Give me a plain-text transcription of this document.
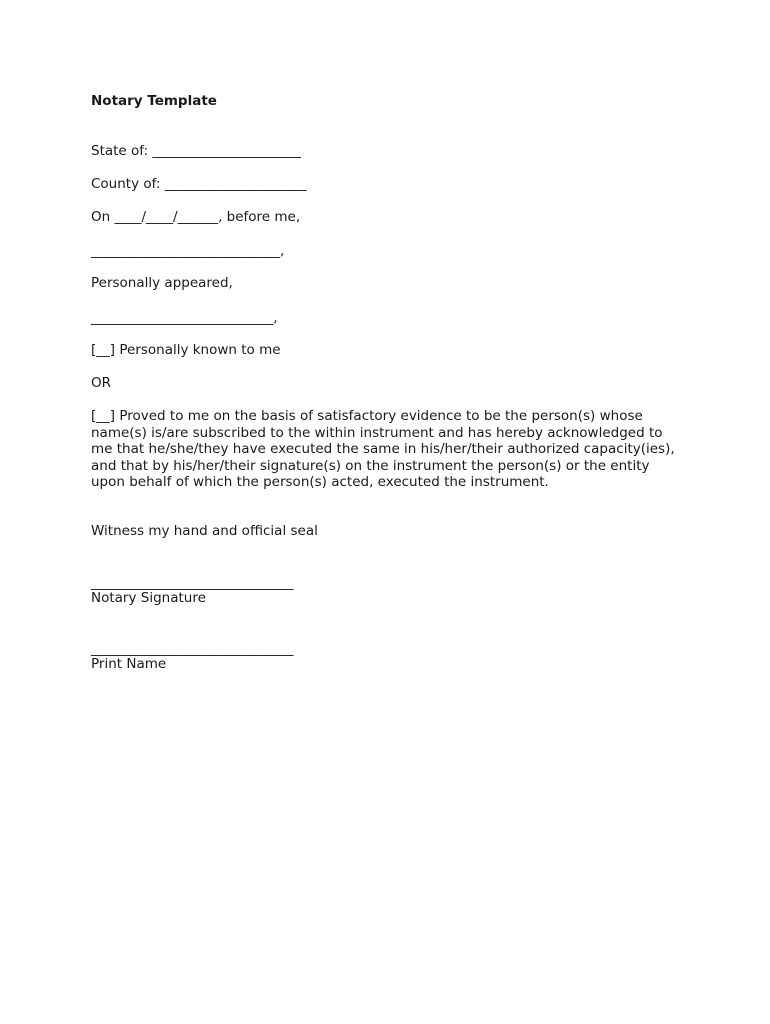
Notary Template
State of: ______________________
County of: _____________________
On ____/____/______, before me,
____________________________,
Personally appeared,
___________________________,
[__] Personally known to me
OR
[__] Proved to me on the basis of satisfactory evidence to be the person(s) whose name(s) is/are subscribed to the within instrument and has hereby acknowledged to me that he/she/they have executed the same in his/her/their authorized capacity(ies), and that by his/her/their signature(s) on the instrument the person(s) or the entity upon behalf of which the person(s) acted, executed the instrument.
Witness my hand and official seal
______________________________
Notary Signature
______________________________
Print Name
